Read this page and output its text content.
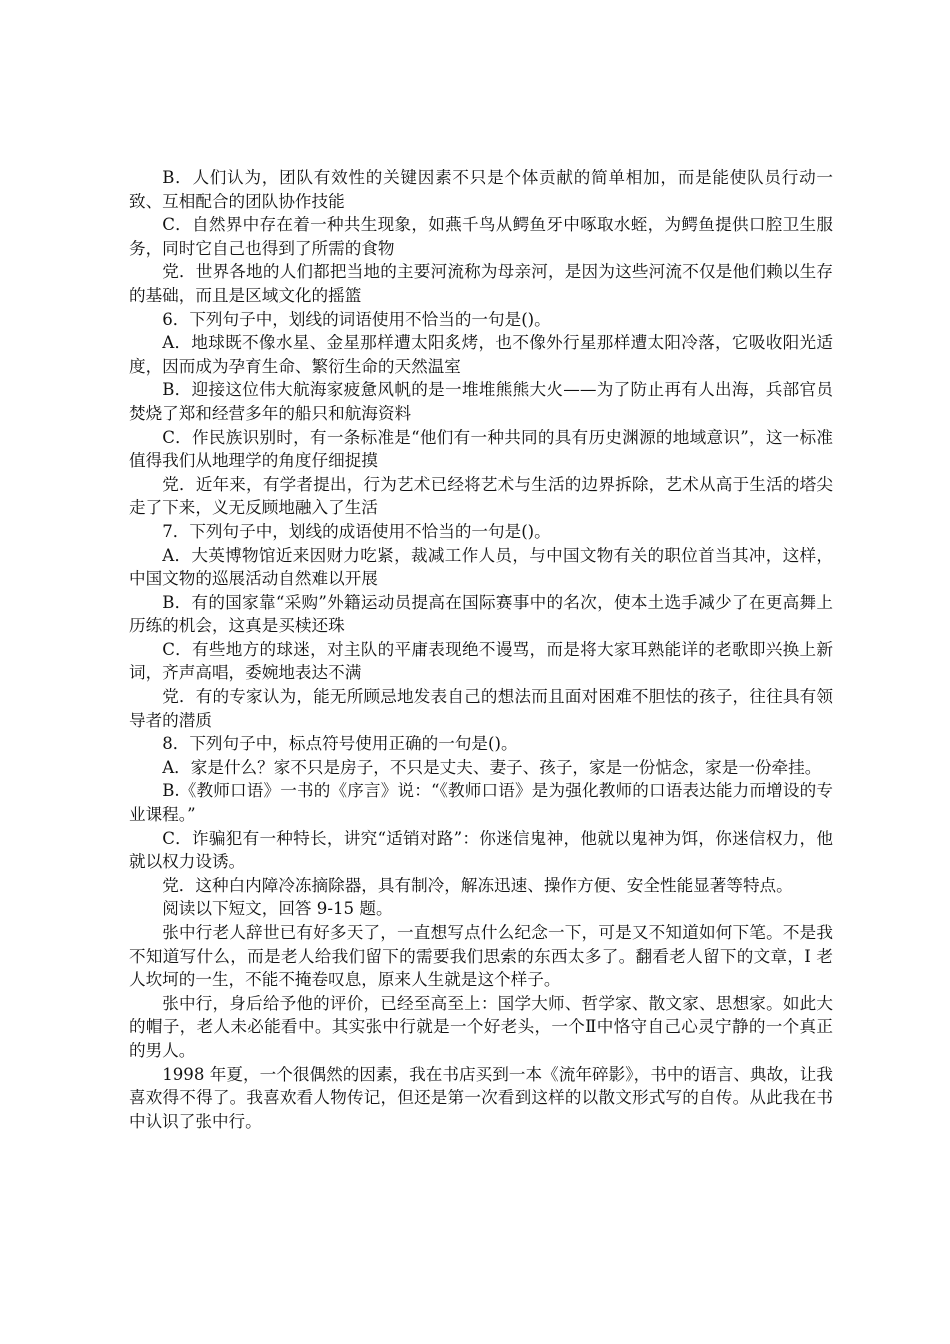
B．人们认为，团队有效性的关键因素不只是个体贡献的简单相加，而是能使队员行动一致、互相配合的团队协作技能

C．自然界中存在着一种共生现象，如燕千鸟从鳄鱼牙中啄取水蛭，为鳄鱼提供口腔卫生服务，同时它自己也得到了所需的食物

党．世界各地的人们都把当地的主要河流称为母亲河，是因为这些河流不仅是他们赖以生存的基础，而且是区域文化的摇篮

6．下列句子中，划线的词语使用不恰当的一句是()。

A．地球既不像水星、金星那样遭太阳炙烤，也不像外行星那样遭太阳冷落，它吸收阳光适度，因而成为孕育生命、繁衍生命的天然温室

B．迎接这位伟大航海家疲惫风帆的是一堆堆熊熊大火——为了防止再有人出海，兵部官员焚烧了郑和经营多年的船只和航海资料

C．作民族识别时，有一条标准是“他们有一种共同的具有历史渊源的地域意识”，这一标准值得我们从地理学的角度仔细捉摸

党．近年来，有学者提出，行为艺术已经将艺术与生活的边界拆除，艺术从高于生活的塔尖走了下来，义无反顾地融入了生活

7．下列句子中，划线的成语使用不恰当的一句是()。

A．大英博物馆近来因财力吃紧，裁减工作人员，与中国文物有关的职位首当其冲，这样，中国文物的巡展活动自然难以开展

B．有的国家靠“采购”外籍运动员提高在国际赛事中的名次，使本土选手减少了在更高舞上历练的机会，这真是买椟还珠

C．有些地方的球迷，对主队的平庸表现绝不谩骂，而是将大家耳熟能详的老歌即兴换上新词，齐声高唱，委婉地表达不满

党．有的专家认为，能无所顾忌地发表自己的想法而且面对困难不胆怯的孩子，往往具有领导者的潜质

8．下列句子中，标点符号使用正确的一句是()。

A．家是什么？家不只是房子，不只是丈夫、妻子、孩子，家是一份惦念，家是一份牵挂。

B.《教师口语》一书的《序言》说：“《教师口语》是为强化教师的口语表达能力而增设的专业课程。”

C．诈骗犯有一种特长，讲究“适销对路”：你迷信鬼神，他就以鬼神为饵，你迷信权力，他就以权力设诱。

党．这种白内障冷冻摘除器，具有制冷，解冻迅速、操作方便、安全性能显著等特点。

阅读以下短文，回答 9-15 题。

张中行老人辞世已有好多天了，一直想写点什么纪念一下，可是又不知道如何下笔。不是我不知道写什么，而是老人给我们留下的需要我们思索的东西太多了。翻看老人留下的文章，I 老人坎坷的一生，不能不掩卷叹息，原来人生就是这个样子。

张中行，身后给予他的评价，已经至高至上：国学大师、哲学家、散文家、思想家。如此大的帽子，老人未必能看中。其实张中行就是一个好老头，一个Ⅱ中恪守自己心灵宁静的一个真正的男人。

1998 年夏，一个很偶然的因素，我在书店买到一本《流年碎影》，书中的语言、典故，让我喜欢得不得了。我喜欢看人物传记，但还是第一次看到这样的以散文形式写的自传。从此我在书中认识了张中行。
